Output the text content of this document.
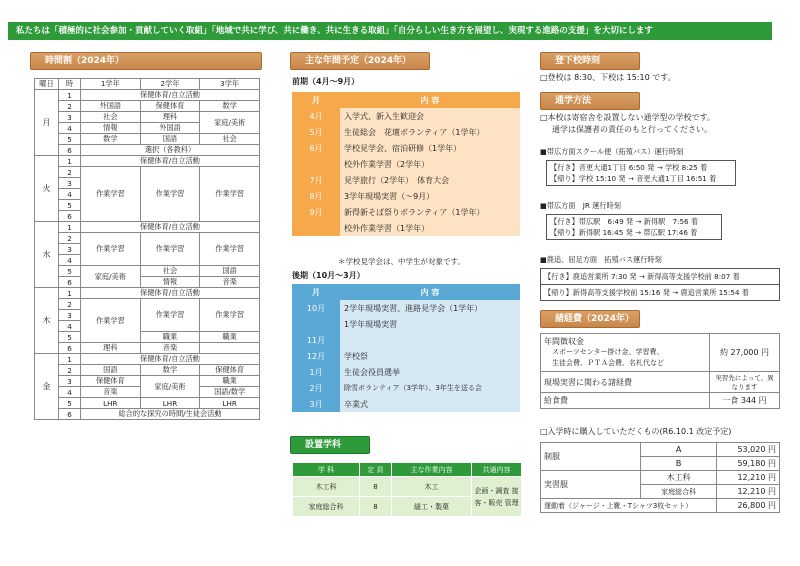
私たちは「積極的に社会参加・貢献していく取組」「地域で共に学び、共に働き、共に生きる取組」「自分らしい生き方を展望し、実現する進路の支援」を大切にします
時間割（2024年）
曜日	時	1学年	2学年	3学年
月	1	保健体育/自立活動		
	2	外国語	保健体育	数学
	3	社会	理科	家庭/美術
	4	情報	外国語	
	5	数学	国語	社会
	6	選択（各教科）		
火	1	保健体育/自立活動		
	2	作業学習	作業学習	作業学習
	3			
	4			
	5			
	6			
水	1	保健体育/自立活動		
	2	作業学習	作業学習	作業学習
	3			
	4			
	5	家庭/美術	社会	国語
	6		情報	音楽
木	1	保健体育/自立活動		
	2	作業学習	作業学習	作業学習
	3			
	4			
	5		職業	職業
	6	理科	音楽	
金	1	保健体育/自立活動		
	2	国語	数学	保健体育
	3	保健体育	家庭/美術	職業
	4	音楽		国語/数学
	5	LHR	LHR	LHR
	6	総合的な探究の時間/生徒会活動		
主な年間予定（2024年）
前期（4月～9月）
月	内 容
4月	入学式、新入生歓迎会
5月	生徒総会　花壇ボランティア（1学年）
6月	学校見学会、宿泊研修（1学年）
	校外作業学習（2学年）
7月	見学旅行（2学年）　体育大会
8月	3学年現場実習（～9月）
9月	新得新そば祭りボランティア（1学年）
	校外作業学習（1学年）
＊学校見学会は、中学生が対象です。
後期（10月～3月）
月	内 容
10月	2学年現場実習、進路見学会（1学年）
	1学年現場実習
11月	
12月	学校祭
1月	生徒会役員選挙
2月	除雪ボランティア（3学年）、3年生を送る会
3月	卒業式
設置学科
学 科	定 員	主な作業内容	共通内容
木工科	8	木工	企画・調査 接客・販売 管理
家庭総合科	8	縫工・製菓	
登下校時刻
□登校は 8:30、下校は 15:10 です。
通学方法
□本校は寄宿舎を設置しない通学型の学校です。
通学は保護者の責任のもと行ってください。
■帯広方面スクール便（拓殖バス）運行時刻
【行き】音更大通1丁目 6:50 発 → 学校 8:25 着
【帰り】学校 15:10 発 → 音更大通1丁目 16:51 着
■帯広方面　JR 運行時刻
【行き】帯広駅　6:49 発 → 新得駅　7:56 着
【帰り】新得駅 16:45 発 → 帯広駅 17:46 着
■鹿追、屈足方面　拓殖バス運行時刻
【行き】鹿追営業所 7:30 発 → 新得高等支援学校前 8:07 着
【帰り】新得高等支援学校前 15:16 発 → 鹿追営業所 15:54 着
諸経費（2024年）
年間徴収金
スポーツセンター掛け金、学習費、
生徒会費、ＰＴＡ会費、名札代など	約 27,000 円
現場実習に関わる諸経費	実習先によって、異なります
給食費	一食 344 円
□入学時に購入していただくもの(R6.10.1 改定予定)
制服	A	53,020 円
	B	59,180 円
実習服	木工科	12,210 円
	家庭総合科	12,210 円
運動着（ジャージ・上靴・Tシャツ3枚セット）		26,800 円
